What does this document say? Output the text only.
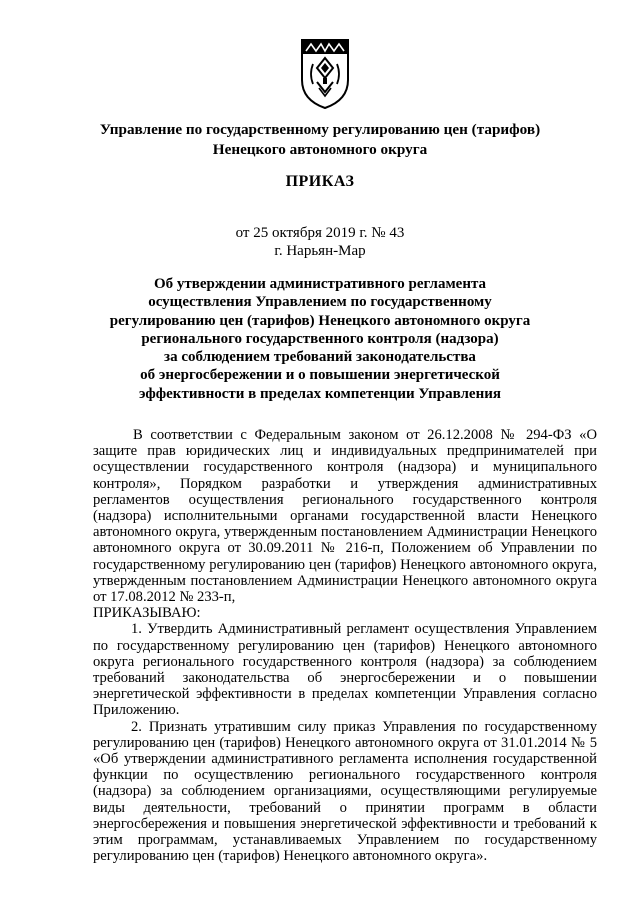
Управление по государственному регулированию цен (тарифов)
Ненецкого автономного округа
ПРИКАЗ
от 25 октября 2019 г. № 43
г. Нарьян-Мар
Об утверждении административного регламента
осуществления Управлением по государственному
регулированию цен (тарифов) Ненецкого автономного округа
регионального государственного контроля (надзора)
за соблюдением требований законодательства
об энергосбережении и о повышении энергетической
эффективности в пределах компетенции Управления

В соответствии с Федеральным законом от 26.12.2008 № 294-ФЗ «О защите прав юридических лиц и индивидуальных предпринимателей при осуществлении государственного контроля (надзора) и муниципального контроля», Порядком разработки и утверждения административных регламентов осуществления регионального государственного контроля (надзора) исполнительными органами государственной власти Ненецкого автономного округа, утвержденным постановлением Администрации Ненецкого автономного округа от 30.09.2011 № 216-п, Положением об Управлении по государственному регулированию цен (тарифов) Ненецкого автономного округа, утвержденным постановлением Администрации Ненецкого автономного округа от 17.08.2012 № 233-п,

ПРИКАЗЫВАЮ:

1. Утвердить Административный регламент осуществления Управлением по государственному регулированию цен (тарифов) Ненецкого автономного округа регионального государственного контроля (надзора) за соблюдением требований законодательства об энергосбережении и о повышении энергетической эффективности в пределах компетенции Управления согласно Приложению.

2. Признать утратившим силу приказ Управления по государственному регулированию цен (тарифов) Ненецкого автономного округа от 31.01.2014 № 5 «Об утверждении административного регламента исполнения государственной функции по осуществлению регионального государственного контроля (надзора) за соблюдением организациями, осуществляющими регулируемые виды деятельности, требований о принятии программ в области энергосбережения и повышения энергетической эффективности и требований к этим программам, устанавливаемых Управлением по государственному регулированию цен (тарифов) Ненецкого автономного округа».
